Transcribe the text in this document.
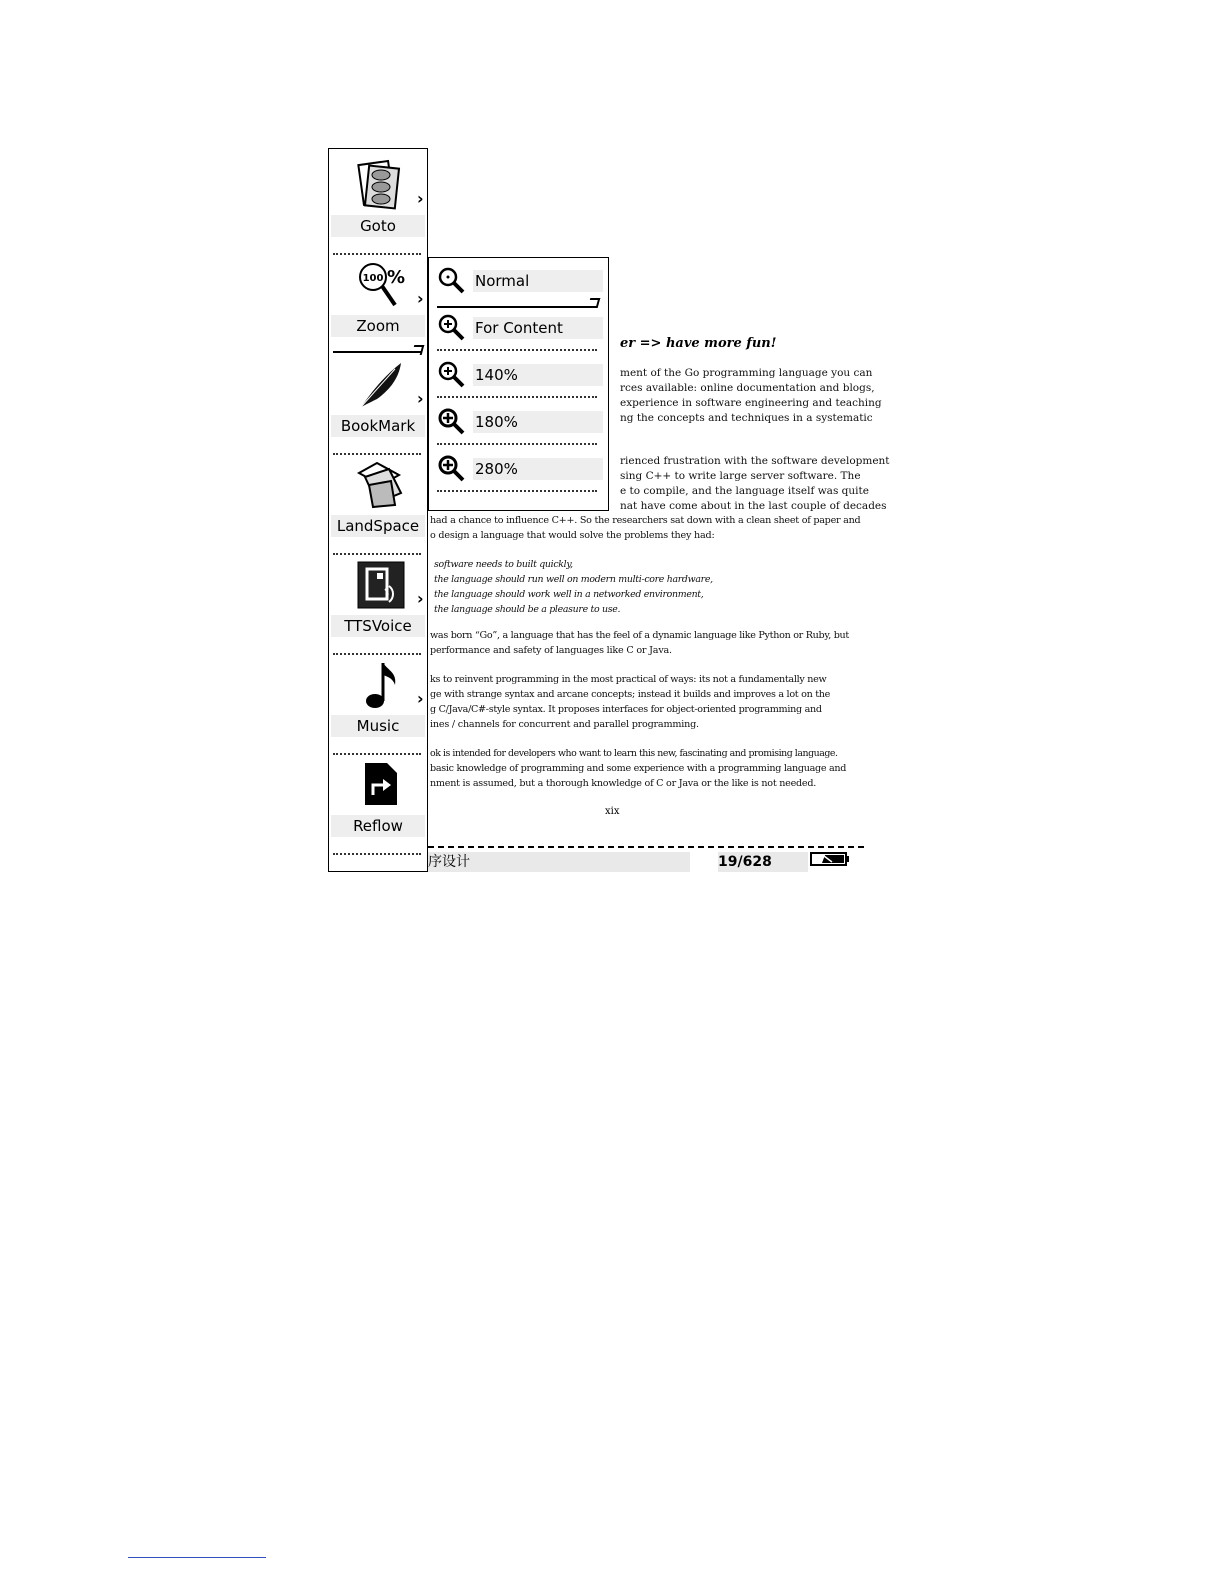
er => have more fun!
ment of the Go programming language you can
rces available: online documentation and blogs,
experience in software engineering and teaching
ng the concepts and techniques in a systematic
rienced frustration with the software development
sing C++ to write large server software. The
e to compile, and the language itself was quite
nat have come about in the last couple of decades
had a chance to influence C++. So the researchers sat down with a clean sheet of paper and
o design a language that would solve the problems they had:
software needs to built quickly,
the language should run well on modern multi-core hardware,
the language should work well in a networked environment,
the language should be a pleasure to use.
was born “Go”, a language that has the feel of a dynamic language like Python or Ruby, but
performance and safety of languages like C or Java.
ks to reinvent programming in the most practical of ways: its not a fundamentally new
ge with strange syntax and arcane concepts; instead it builds and improves a lot on the
g C/Java/C#-style syntax. It proposes interfaces for object-oriented programming and
ines / channels for concurrent and parallel programming.
ok is intended for developers who want to learn this new, fascinating and promising language.
basic knowledge of programming and some experience with a programming language and
nment is assumed, but a thorough knowledge of C or Java or the like is not needed.
xix
序设计	19/628
›
Goto
100 %
›
Zoom
›
BookMark
LandSpace
›
TTSVoice
›
Music
Reflow
Normal
For Content
140%
180%
280%
